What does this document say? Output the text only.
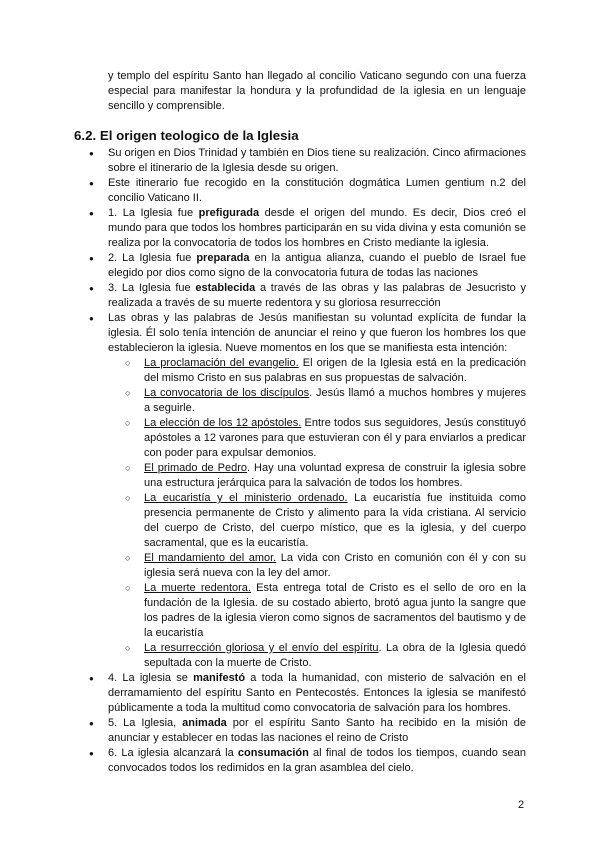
y templo del espíritu Santo han llegado al concilio Vaticano segundo con una fuerza especial para manifestar la hondura y la profundidad de la iglesia en un lenguaje sencillo y comprensible.

6.2. El origen teologico de la Iglesia
● Su origen en Dios Trinidad y también en Dios tiene su realización. Cinco afirmaciones sobre el itinerario de la Iglesia desde su origen.
● Este itinerario fue recogido en la constitución dogmática Lumen gentium n.2 del concilio Vaticano II.
● 1. La Iglesia fue prefigurada desde el origen del mundo. Es decir, Dios creó el mundo para que todos los hombres participarán en su vida divina y esta comunión se realiza por la convocatoria de todos los hombres en Cristo mediante la iglesia.
● 2. La Iglesia fue preparada en la antigua alianza, cuando el pueblo de Israel fue elegido por dios como signo de la convocatoria futura de todas las naciones
● 3. La Iglesia fue establecida a través de las obras y las palabras de Jesucristo y realizada a través de su muerte redentora y su gloriosa resurrección
● Las obras y las palabras de Jesús manifiestan su voluntad explícita de fundar la iglesia. Él solo tenía intención de anunciar el reino y que fueron los hombres los que establecieron la iglesia. Nueve momentos en los que se manifiesta esta intención:
○ La proclamación del evangelio. El origen de la Iglesia está en la predicación del mismo Cristo en sus palabras en sus propuestas de salvación.
○ La convocatoria de los discípulos. Jesús llamó a muchos hombres y mujeres a seguirle.
○ La elección de los 12 apóstoles. Entre todos sus seguidores, Jesús constituyó apóstoles a 12 varones para que estuvieran con él y para enviarlos a predicar con poder para expulsar demonios.
○ El primado de Pedro. Hay una voluntad expresa de construir la iglesia sobre una estructura jerárquica para la salvación de todos los hombres.
○ La eucaristía y el ministerio ordenado. La eucaristía fue instituida como presencia permanente de Cristo y alimento para la vida cristiana. Al servicio del cuerpo de Cristo, del cuerpo místico, que es la iglesia, y del cuerpo sacramental, que es la eucaristía.
○ El mandamiento del amor. La vida con Cristo en comunión con él y con su iglesia será nueva con la ley del amor.
○ La muerte redentora. Esta entrega total de Cristo es el sello de oro en la fundación de la Iglesia. de su costado abierto, brotó agua junto la sangre que los padres de la iglesia vieron como signos de sacramentos del bautismo y de la eucaristía
○ La resurrección gloriosa y el envío del espíritu. La obra de la Iglesia quedó sepultada con la muerte de Cristo.
● 4. La iglesia se manifestó a toda la humanidad, con misterio de salvación en el derramamiento del espíritu Santo en Pentecostés. Entonces la iglesia se manifestó públicamente a toda la multitud como convocatoria de salvación para los hombres.
● 5. La Iglesia, animada por el espíritu Santo Santo ha recibido en la misión de anunciar y establecer en todas las naciones el reino de Cristo
● 6. La iglesia alcanzará la consumación al final de todos los tiempos, cuando sean convocados todos los redimidos en la gran asamblea del cielo.
2
